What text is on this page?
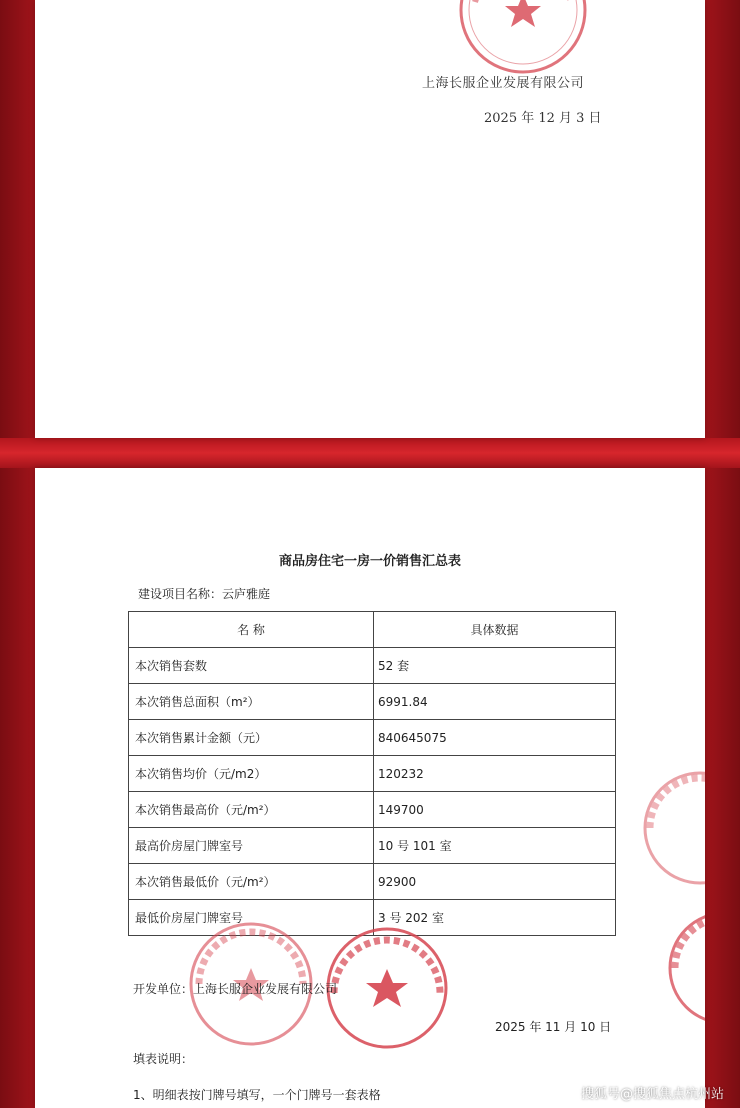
上海长服企业发展有限公司
2025 年 12 月 3 日
商品房住宅一房一价销售汇总表
建设项目名称：云庐雅庭
名 称	具体数据
本次销售套数	52 套
本次销售总面积（m²）	6991.84
本次销售累计金额（元）	840645075
本次销售均价（元/m2）	120232
本次销售最高价（元/m²）	149700
最高价房屋门牌室号	10 号 101 室
本次销售最低价（元/m²）	92900
最低价房屋门牌室号	3 号 202 室
开发单位：上海长服企业发展有限公司
2025 年 11 月 10 日
填表说明：
1、明细表按门牌号填写，一个门牌号一套表格	搜狐号@搜狐焦点杭州站
